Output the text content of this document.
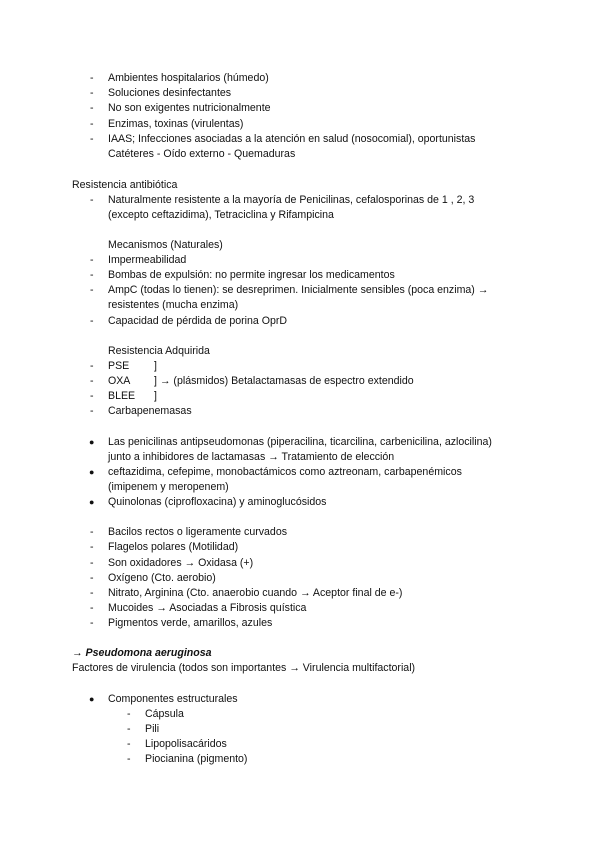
- Ambientes hospitalarios (húmedo)
- Soluciones desinfectantes
- No son exigentes nutricionalmente
- Enzimas, toxinas (virulentas)
- IAAS; Infecciones asociadas a la atención en salud (nosocomial), oportunistas
Catéteres - Oído externo - Quemaduras
Resistencia antibiótica
- Naturalmente resistente a la mayoría de Penicilinas, cefalosporinas de 1 , 2, 3
(excepto ceftazidima), Tetraciclina y Rifampicina
Mecanismos (Naturales)
- Impermeabilidad
- Bombas de expulsión: no permite ingresar los medicamentos
- AmpC (todas lo tienen): se desreprimen. Inicialmente sensibles (poca enzima) →
resistentes (mucha enzima)
- Capacidad de pérdida de porina OprD
Resistencia Adquirida
- PSE ]
- OXA ] → (plásmidos) Betalactamasas de espectro extendido
- BLEE ]
- Carbapenemasas
● Las penicilinas antipseudomonas (piperacilina, ticarcilina, carbenicilina, azlocilina)
junto a inhibidores de lactamasas → Tratamiento de elección
● ceftazidima, cefepime, monobactámicos como aztreonam, carbapenémicos
(imipenem y meropenem)
● Quinolonas (ciprofloxacina) y aminoglucósidos
- Bacilos rectos o ligeramente curvados
- Flagelos polares (Motilidad)
- Son oxidadores → Oxidasa (+)
- Oxígeno (Cto. aerobio)
- Nitrato, Arginina (Cto. anaerobio cuando → Aceptor final de e-)
- Mucoides → Asociadas a Fibrosis quística
- Pigmentos verde, amarillos, azules
→ Pseudomona aeruginosa
Factores de virulencia (todos son importantes → Virulencia multifactorial)
● Componentes estructurales
- Cápsula
- Pili
- Lipopolisacáridos
- Piocianina (pigmento)
